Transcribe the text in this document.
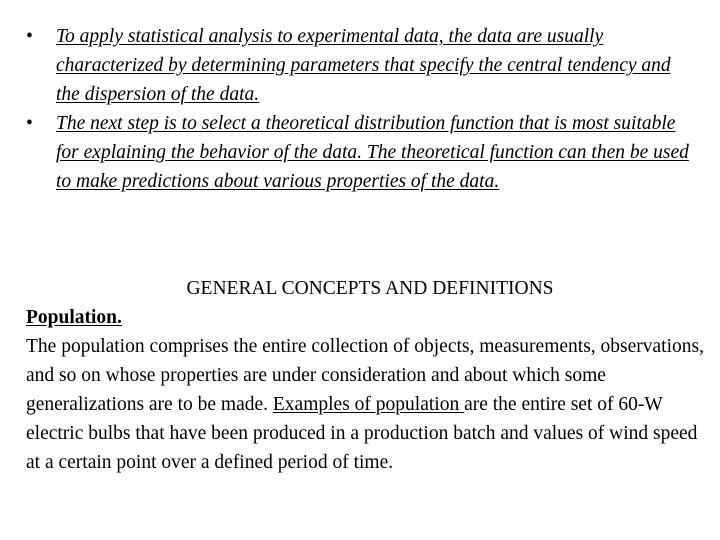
• To apply statistical analysis to experimental data, the data are usually characterized by determining parameters that specify the central tendency and the dispersion of the data.
• The next step is to select a theoretical distribution function that is most suitable for explaining the behavior of the data. The theoretical function can then be used to make predictions about various properties of the data.

GENERAL CONCEPTS AND DEFINITIONS

Population.

The population comprises the entire collection of objects, measurements, observations, and so on whose properties are under consideration and about which some generalizations are to be made. Examples of population are the entire set of 60-W electric bulbs that have been produced in a production batch and values of wind speed at a certain point over a defined period of time.
